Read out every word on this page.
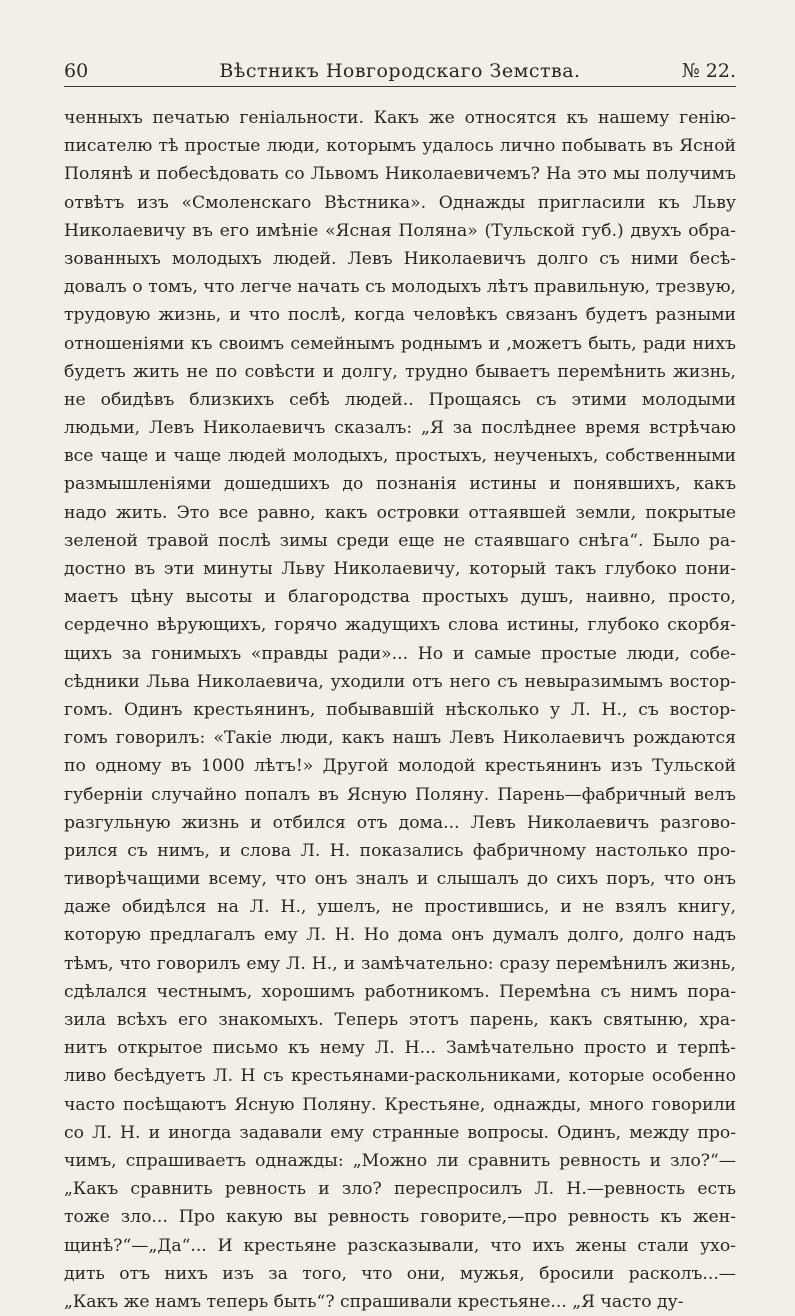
Вѣстникъ Новгородскаго Земства.
60	№ 22.
ченныхъ печатью геніальности. Какъ же относятся къ нашему генію-
писателю тѣ простые люди, которымъ удалось лично побывать въ Ясной
Полянѣ и побесѣдовать со Львомъ Николаевичемъ? На это мы получимъ
отвѣтъ изъ «Смоленскаго Вѣстника». Однажды пригласили къ Льву
Николаевичу въ его имѣніе «Ясная Поляна» (Тульской губ.) двухъ обра-
зованныхъ молодыхъ людей. Левъ Николаевичъ долго съ ними бесѣ-
довалъ о томъ, что легче начать съ молодыхъ лѣтъ правильную, трезвую,
трудовую жизнь, и что послѣ, когда человѣкъ связанъ будетъ разными
отношеніями къ своимъ семейнымъ роднымъ и ,можетъ быть, ради нихъ
будетъ жить не по совѣсти и долгу, трудно бываетъ перемѣнить жизнь,
не обидѣвъ близкихъ себѣ людей.. Прощаясь съ этими молодыми
людьми, Левъ Николаевичъ сказалъ: „Я за послѣднее время встрѣчаю
все чаще и чаще людей молодыхъ, простыхъ, неученыхъ, собственными
размышленіями дошедшихъ до познанія истины и понявшихъ, какъ
надо жить. Это все равно, какъ островки оттаявшей земли, покрытые
зеленой травой послѣ зимы среди еще не стаявшаго снѣга“. Было ра-
достно въ эти минуты Льву Николаевичу, который такъ глубоко пони-
маетъ цѣну высоты и благородства простыхъ душъ, наивно, просто,
сердечно вѣрующихъ, горячо жадущихъ слова истины, глубоко скорбя-
щихъ за гонимыхъ «правды ради»... Но и самые простые люди, собе-
сѣдники Льва Николаевича, уходили отъ него съ невыразимымъ востор-
гомъ. Одинъ крестьянинъ, побывавшій нѣсколько у Л. Н., съ востор-
гомъ говорилъ: «Такіе люди, какъ нашъ Левъ Николаевичъ рождаются
по одному въ 1000 лѣтъ!» Другой молодой крестьянинъ изъ Тульской
губерніи случайно попалъ въ Ясную Поляну. Парень—фабричный велъ
разгульную жизнь и отбился отъ дома... Левъ Николаевичъ разгово-
рился съ нимъ, и слова Л. Н. показались фабричному настолько про-
тиворѣчащими всему, что онъ зналъ и слышалъ до сихъ поръ, что онъ
даже обидѣлся на Л. Н., ушелъ, не простившись, и не взялъ книгу,
которую предлагалъ ему Л. Н. Но дома онъ думалъ долго, долго надъ
тѣмъ, что говорилъ ему Л. Н., и замѣчательно: сразу перемѣнилъ жизнь,
сдѣлался честнымъ, хорошимъ работникомъ. Перемѣна съ нимъ пора-
зила всѣхъ его знакомыхъ. Теперь этотъ парень, какъ святыню, хра-
нитъ открытое письмо къ нему Л. Н... Замѣчательно просто и терпѣ-
ливо бесѣдуетъ Л. Н съ крестьянами-раскольниками, которые особенно
часто посѣщаютъ Ясную Поляну. Крестьяне, однажды, много говорили
со Л. Н. и иногда задавали ему странные вопросы. Одинъ, между про-
чимъ, спрашиваетъ однажды: „Можно ли сравнить ревность и зло?“—
„Какъ сравнить ревность и зло? переспросилъ Л. Н.—ревность есть
тоже зло... Про какую вы ревность говорите,—про ревность къ жен-
щинѣ?“—„Да“... И крестьяне разсказывали, что ихъ жены стали ухо-
дить отъ нихъ изъ за того, что они, мужья, бросили расколъ...—
„Какъ же намъ теперь быть“? спрашивали крестьяне... „Я часто ду-
